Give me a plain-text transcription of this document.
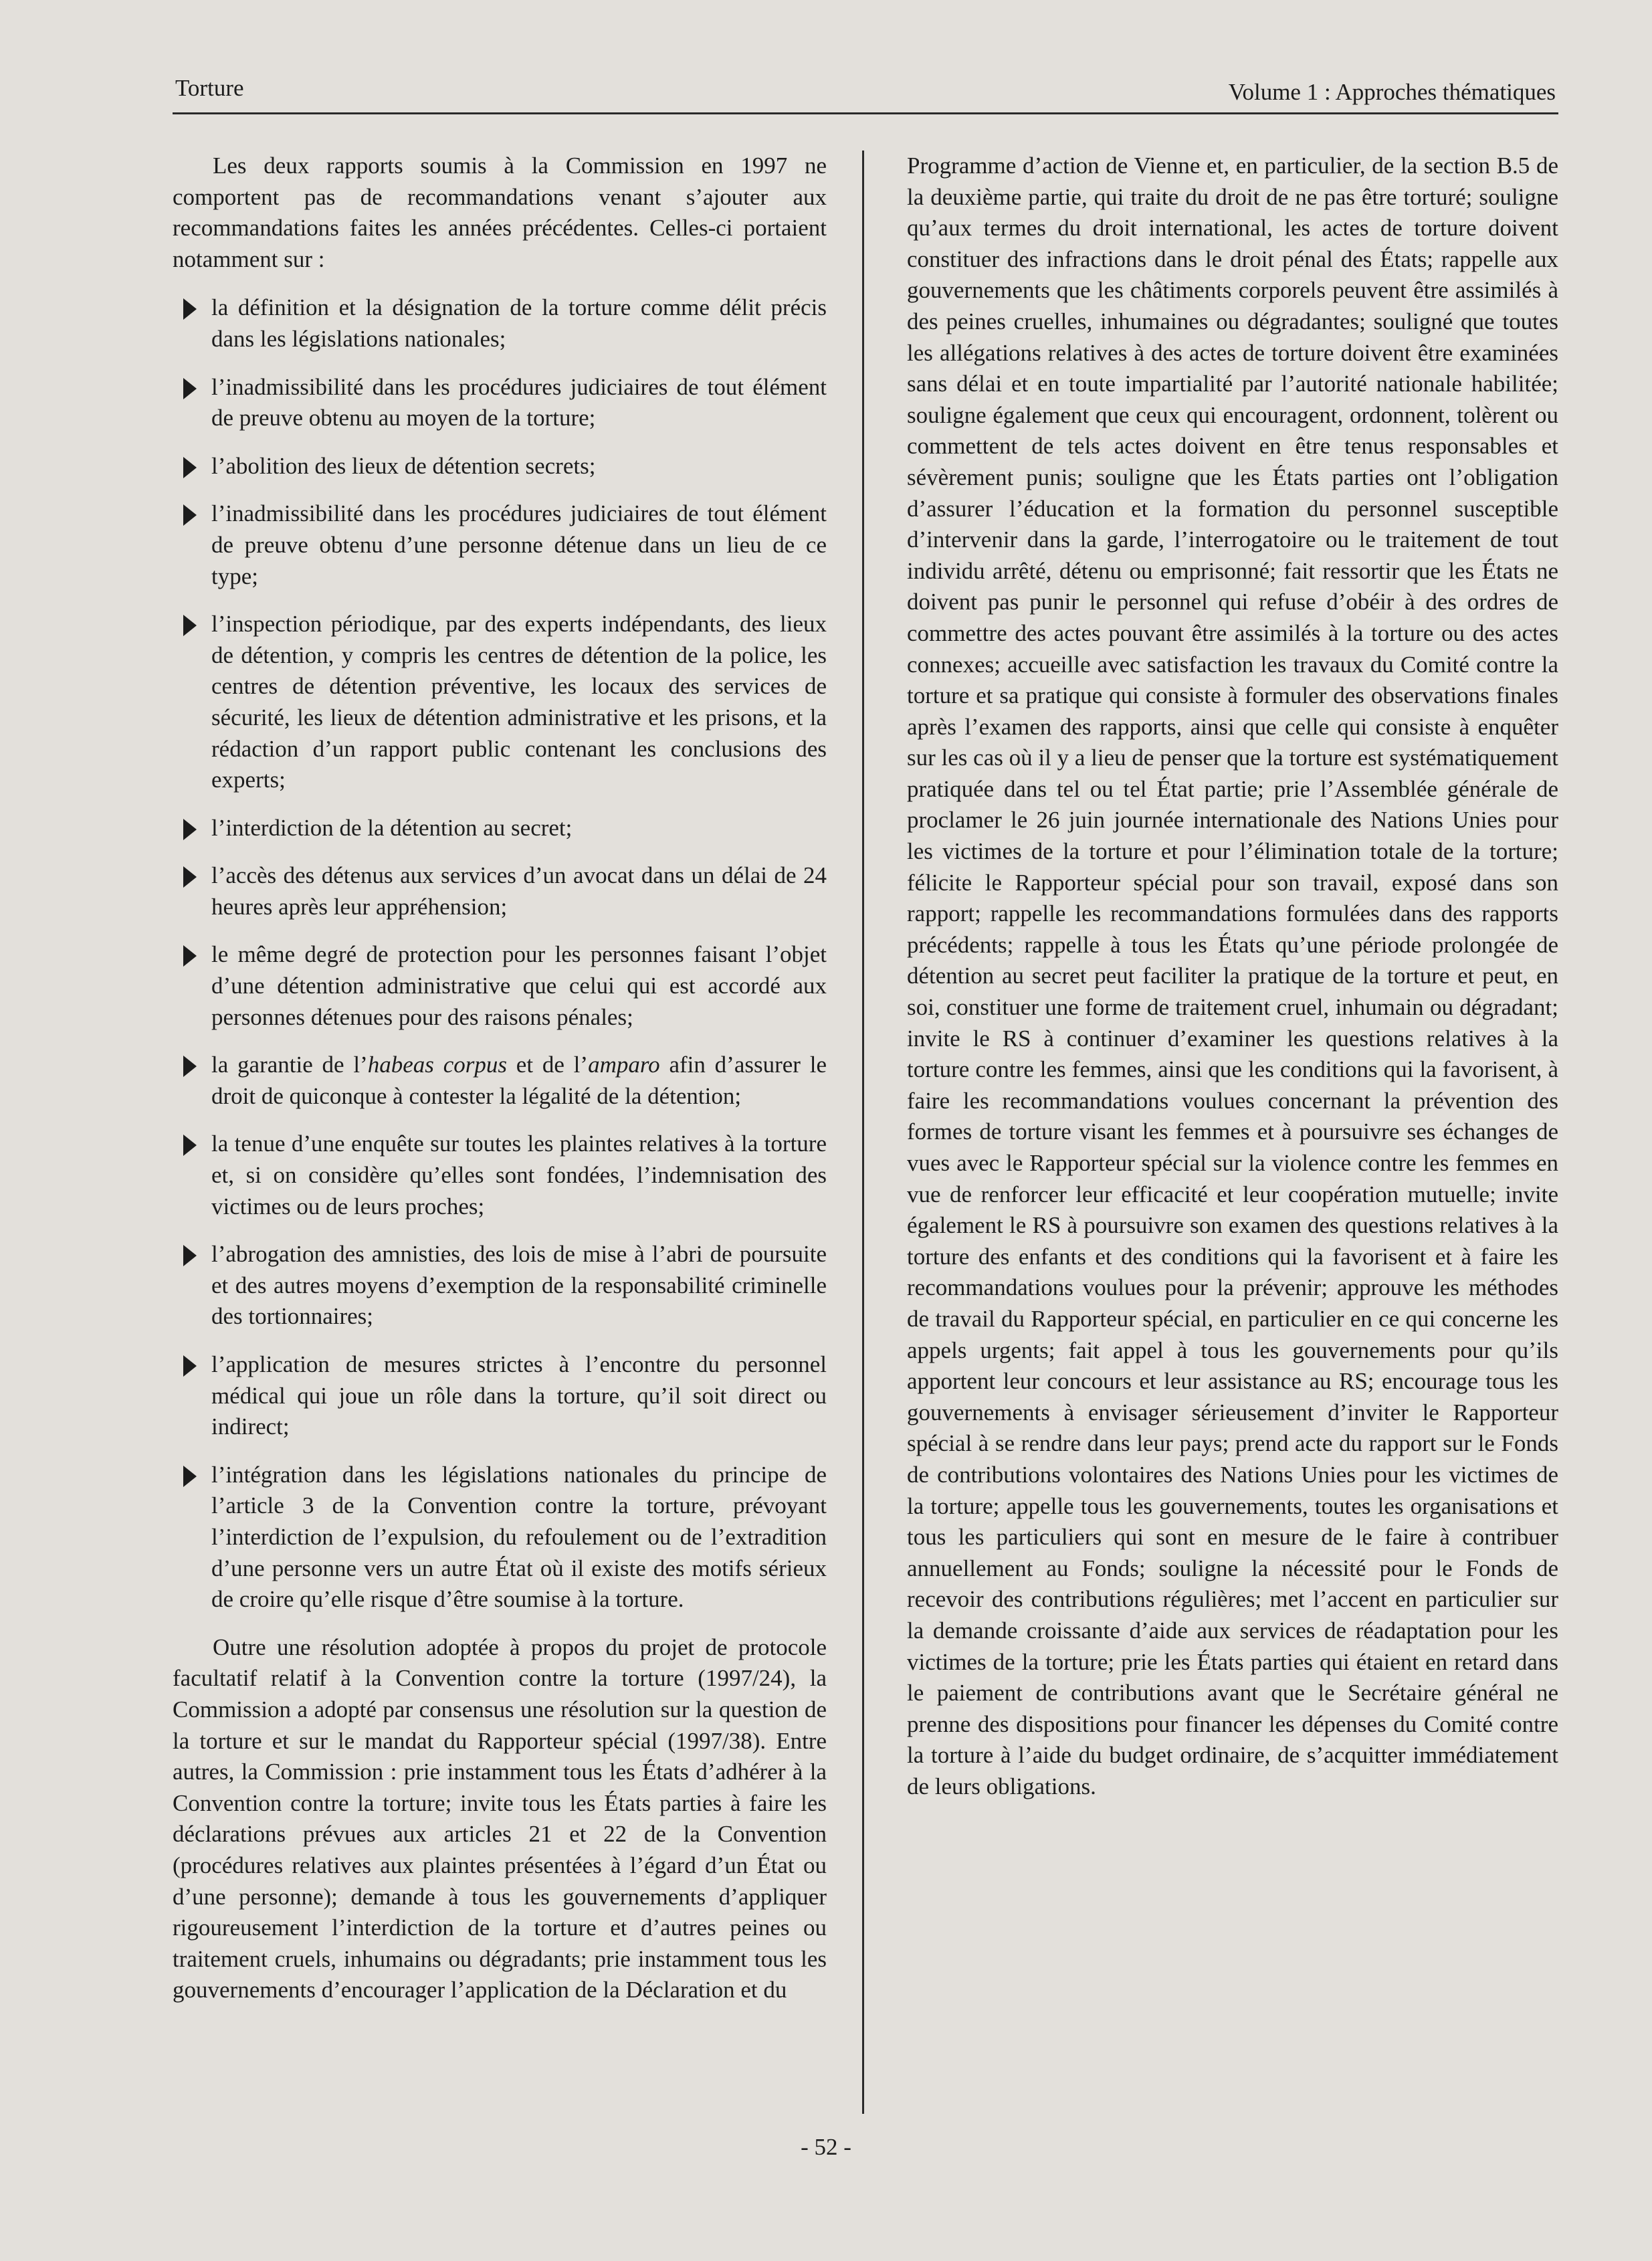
Torture	Volume 1 : Approches thématiques

Les deux rapports soumis à la Commission en 1997 ne comportent pas de recommandations venant s’ajouter aux recommandations faites les années précédentes. Celles-ci portaient notamment sur :

la définition et la désignation de la torture comme délit précis dans les législations nationales;
l’inadmissibilité dans les procédures judiciaires de tout élément de preuve obtenu au moyen de la torture;
l’abolition des lieux de détention secrets;
l’inadmissibilité dans les procédures judiciaires de tout élément de preuve obtenu d’une personne détenue dans un lieu de ce type;
l’inspection périodique, par des experts indépendants, des lieux de détention, y compris les centres de détention de la police, les centres de détention préventive, les locaux des services de sécurité, les lieux de détention administrative et les prisons, et la rédaction d’un rapport public contenant les conclusions des experts;
l’interdiction de la détention au secret;
l’accès des détenus aux services d’un avocat dans un délai de 24 heures après leur appréhension;
le même degré de protection pour les personnes faisant l’objet d’une détention administrative que celui qui est accordé aux personnes détenues pour des raisons pénales;
la garantie de l’habeas corpus et de l’amparo afin d’assurer le droit de quiconque à contester la légalité de la détention;
la tenue d’une enquête sur toutes les plaintes relatives à la torture et, si on considère qu’elles sont fondées, l’indemnisation des victimes ou de leurs proches;
l’abrogation des amnisties, des lois de mise à l’abri de poursuite et des autres moyens d’exemption de la responsabilité criminelle des tortionnaires;
l’application de mesures strictes à l’encontre du personnel médical qui joue un rôle dans la torture, qu’il soit direct ou indirect;
l’intégration dans les législations nationales du principe de l’article 3 de la Convention contre la torture, prévoyant l’interdiction de l’expulsion, du refoulement ou de l’extradition d’une personne vers un autre État où il existe des motifs sérieux de croire qu’elle risque d’être soumise à la torture.

Outre une résolution adoptée à propos du projet de protocole facultatif relatif à la Convention contre la torture (1997/24), la Commission a adopté par consensus une résolution sur la question de la torture et sur le mandat du Rapporteur spécial (1997/38). Entre autres, la Commission : prie instamment tous les États d’adhérer à la Convention contre la torture; invite tous les États parties à faire les déclarations prévues aux articles 21 et 22 de la Convention (procédures relatives aux plaintes présentées à l’égard d’un État ou d’une personne); demande à tous les gouvernements d’appliquer rigoureusement l’interdiction de la torture et d’autres peines ou traitement cruels, inhumains ou dégradants; prie instamment tous les gouvernements d’encourager l’application de la Déclaration et du

Programme d’action de Vienne et, en particulier, de la section B.5 de la deuxième partie, qui traite du droit de ne pas être torturé; souligne qu’aux termes du droit international, les actes de torture doivent constituer des infractions dans le droit pénal des États; rappelle aux gouvernements que les châtiments corporels peuvent être assimilés à des peines cruelles, inhumaines ou dégradantes; souligné que toutes les allégations relatives à des actes de torture doivent être examinées sans délai et en toute impartialité par l’autorité nationale habilitée; souligne également que ceux qui encouragent, ordonnent, tolèrent ou commettent de tels actes doivent en être tenus responsables et sévèrement punis; souligne que les États parties ont l’obligation d’assurer l’éducation et la formation du personnel susceptible d’intervenir dans la garde, l’interrogatoire ou le traitement de tout individu arrêté, détenu ou emprisonné; fait ressortir que les États ne doivent pas punir le personnel qui refuse d’obéir à des ordres de commettre des actes pouvant être assimilés à la torture ou des actes connexes; accueille avec satisfaction les travaux du Comité contre la torture et sa pratique qui consiste à formuler des observations finales après l’examen des rapports, ainsi que celle qui consiste à enquêter sur les cas où il y a lieu de penser que la torture est systématiquement pratiquée dans tel ou tel État partie; prie l’Assemblée générale de proclamer le 26 juin journée internationale des Nations Unies pour les victimes de la torture et pour l’élimination totale de la torture; félicite le Rapporteur spécial pour son travail, exposé dans son rapport; rappelle les recommandations formulées dans des rapports précédents; rappelle à tous les États qu’une période prolongée de détention au secret peut faciliter la pratique de la torture et peut, en soi, constituer une forme de traitement cruel, inhumain ou dégradant; invite le RS à continuer d’examiner les questions relatives à la torture contre les femmes, ainsi que les conditions qui la favorisent, à faire les recommandations voulues concernant la prévention des formes de torture visant les femmes et à poursuivre ses échanges de vues avec le Rapporteur spécial sur la violence contre les femmes en vue de renforcer leur efficacité et leur coopération mutuelle; invite également le RS à poursuivre son examen des questions relatives à la torture des enfants et des conditions qui la favorisent et à faire les recommandations voulues pour la prévenir; approuve les méthodes de travail du Rapporteur spécial, en particulier en ce qui concerne les appels urgents; fait appel à tous les gouvernements pour qu’ils apportent leur concours et leur assistance au RS; encourage tous les gouvernements à envisager sérieusement d’inviter le Rapporteur spécial à se rendre dans leur pays; prend acte du rapport sur le Fonds de contributions volontaires des Nations Unies pour les victimes de la torture; appelle tous les gouvernements, toutes les organisations et tous les particuliers qui sont en mesure de le faire à contribuer annuellement au Fonds; souligne la nécessité pour le Fonds de recevoir des contributions régulières; met l’accent en particulier sur la demande croissante d’aide aux services de réadaptation pour les victimes de la torture; prie les États parties qui étaient en retard dans le paiement de contributions avant que le Secrétaire général ne prenne des dispositions pour financer les dépenses du Comité contre la torture à l’aide du budget ordinaire, de s’acquitter immédiatement de leurs obligations.

- 52 -
